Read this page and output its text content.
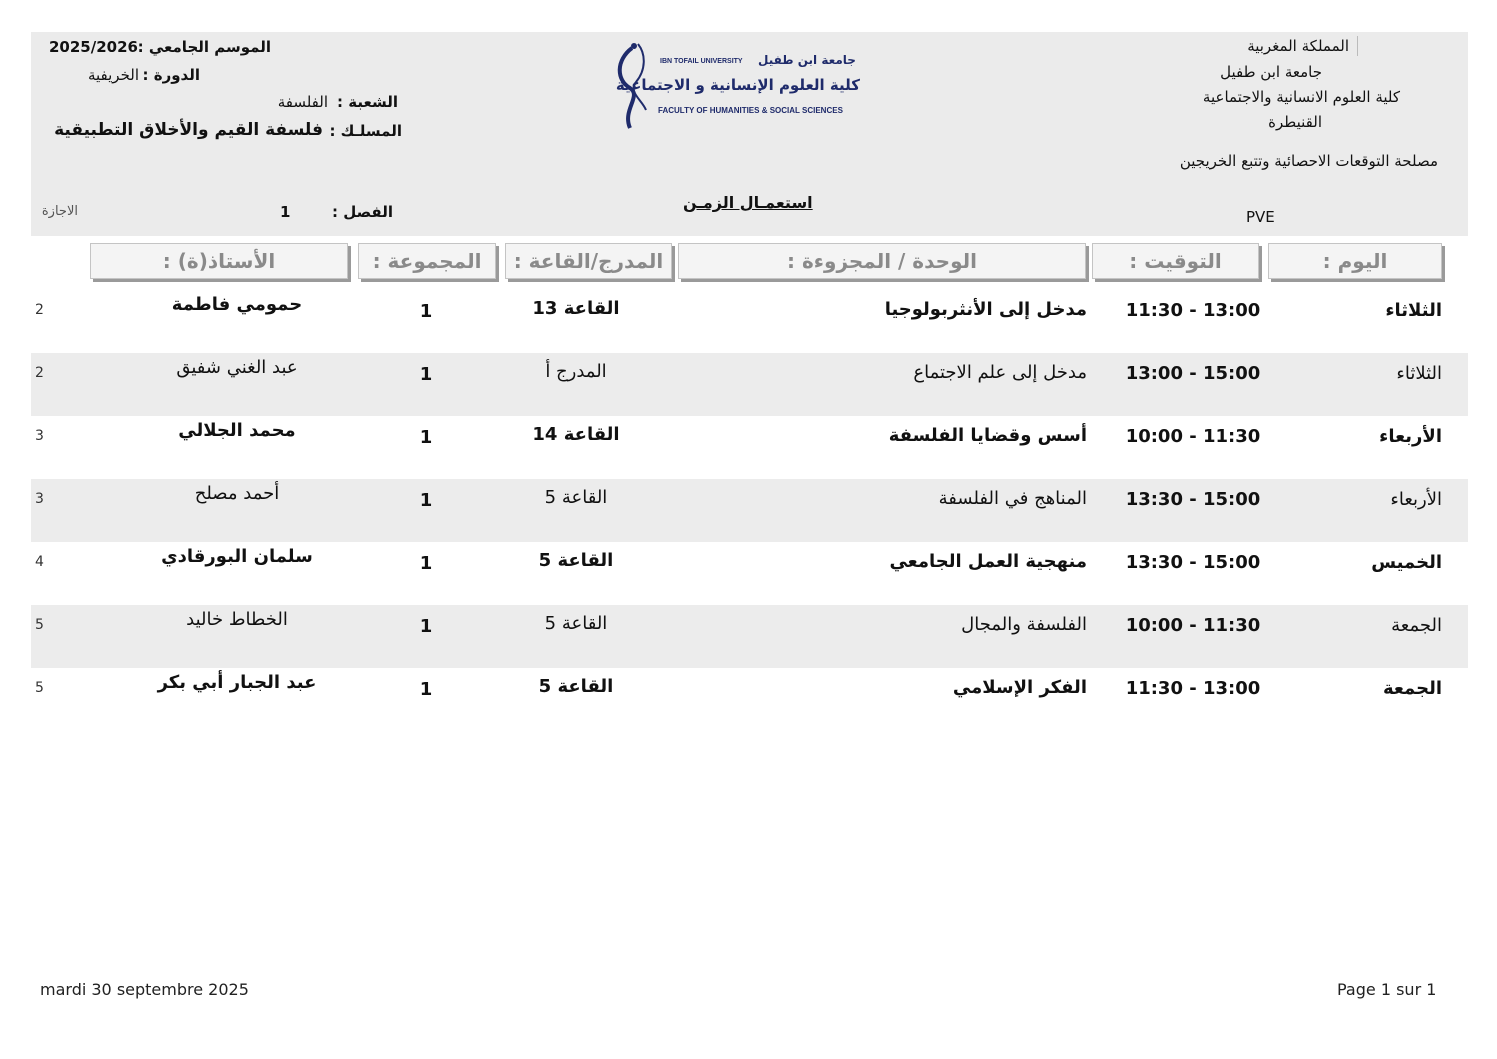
المملكة المغربية
جامعة ابن طفيل
كلية العلوم الانسانية والاجتماعية
القنيطرة
مصلحة التوقعات الاحصائية وتتبع الخريجين
PVE
IBN TOFAIL UNIVERSITY جامعة ابن طفيل
كلية العلوم الإنسانية و الاجتماعية
FACULTY OF HUMANITIES & SOCIAL SCIENCES
الموسم الجامعي :
2025/2026
الدورة :
الخريفية
الشعبة :
الفلسفة
المسلـك :
فلسفة القيم والأخلاق التطبيقية
استعمـال الزمـن
الفصل :
1
الاجازة
اليوم :
التوقيت :
الوحدة / المجزوءة :
المدرج/القاعة :
المجموعة :
الأستاذ(ة) :
الثلاثاء
11:30 - 13:00
مدخل إلى الأنثربولوجيا
القاعة 13
1
حمومي فاطمة
2
الثلاثاء
13:00 - 15:00
مدخل إلى علم الاجتماع
المدرج أ
1
عبد الغني شفيق
2
الأربعاء
10:00 - 11:30
أسس وقضايا الفلسفة
القاعة 14
1
محمد الجلالي
3
الأربعاء
13:30 - 15:00
المناهج في الفلسفة
القاعة 5
1
أحمد مصلح
3
الخميس
13:30 - 15:00
منهجية العمل الجامعي
القاعة 5
1
سلمان البورقادي
4
الجمعة
10:00 - 11:30
الفلسفة والمجال
القاعة 5
1
الخطاط خاليد
5
الجمعة
11:30 - 13:00
الفكر الإسلامي
القاعة 5
1
عبد الجبار أبي بكر
5
mardi 30 septembre 2025	Page 1 sur 1
